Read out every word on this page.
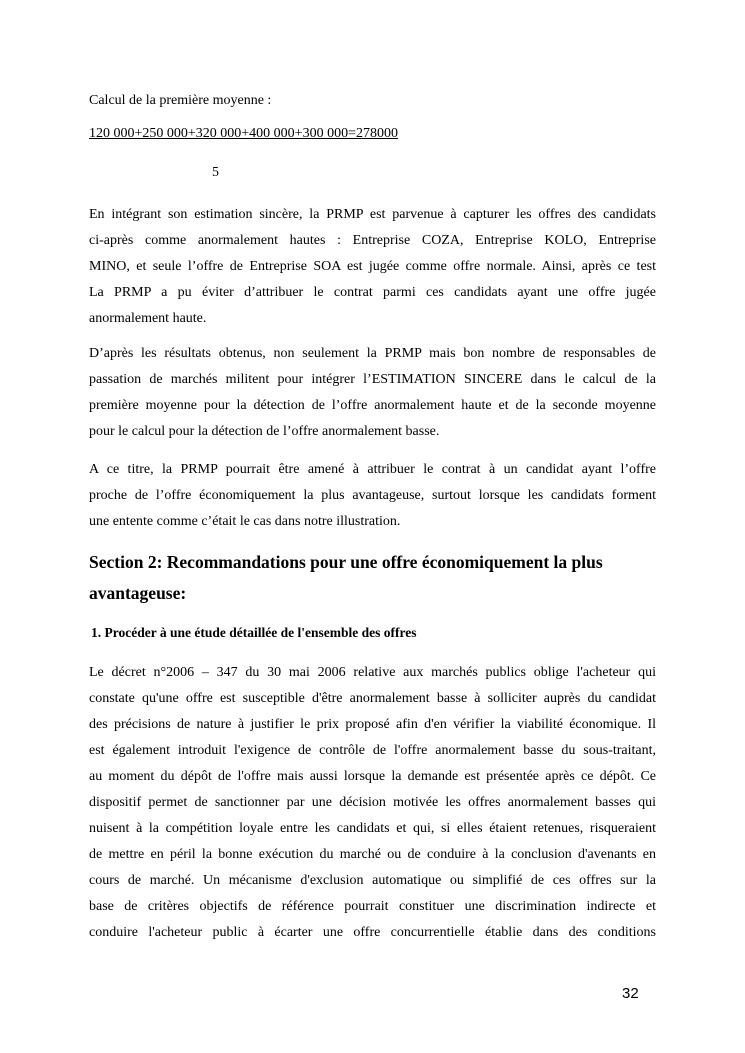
Calcul de la première moyenne :

120 000+250 000+320 000+400 000+300 000=278000
5

En intégrant son estimation sincère, la PRMP est parvenue à capturer les offres des candidats

ci-après comme anormalement hautes : Entreprise COZA, Entreprise KOLO, Entreprise

MINO, et seule l’offre de Entreprise SOA est jugée comme offre normale. Ainsi, après ce test

La PRMP a pu éviter d’attribuer le contrat parmi ces candidats ayant une offre jugée

anormalement haute.

D’après les résultats obtenus, non seulement la PRMP mais bon nombre de responsables de

passation de marchés militent pour intégrer l’ESTIMATION SINCERE dans le calcul de la

première moyenne pour la détection de l’offre anormalement haute et de la seconde moyenne

pour le calcul pour la détection de l’offre anormalement basse.

A ce titre, la PRMP pourrait être amené à attribuer le contrat à un candidat ayant l’offre

proche de l’offre économiquement la plus avantageuse, surtout lorsque les candidats forment

une entente comme c’était le cas dans notre illustration.

Section 2: Recommandations pour une offre économiquement la plus

avantageuse:

1. Procéder à une étude détaillée de l'ensemble des offres

Le décret n°2006 – 347 du 30 mai 2006 relative aux marchés publics oblige l'acheteur qui

constate qu'une offre est susceptible d'être anormalement basse à solliciter auprès du candidat

des précisions de nature à justifier le prix proposé afin d'en vérifier la viabilité économique. Il

est également introduit l'exigence de contrôle de l'offre anormalement basse du sous-traitant,

au moment du dépôt de l'offre mais aussi lorsque la demande est présentée après ce dépôt. Ce

dispositif permet de sanctionner par une décision motivée les offres anormalement basses qui

nuisent à la compétition loyale entre les candidats et qui, si elles étaient retenues, risqueraient

de mettre en péril la bonne exécution du marché ou de conduire à la conclusion d'avenants en

cours de marché. Un mécanisme d'exclusion automatique ou simplifié de ces offres sur la

base de critères objectifs de référence pourrait constituer une discrimination indirecte et

conduire l'acheteur public à écarter une offre concurrentielle établie dans des conditions

32
